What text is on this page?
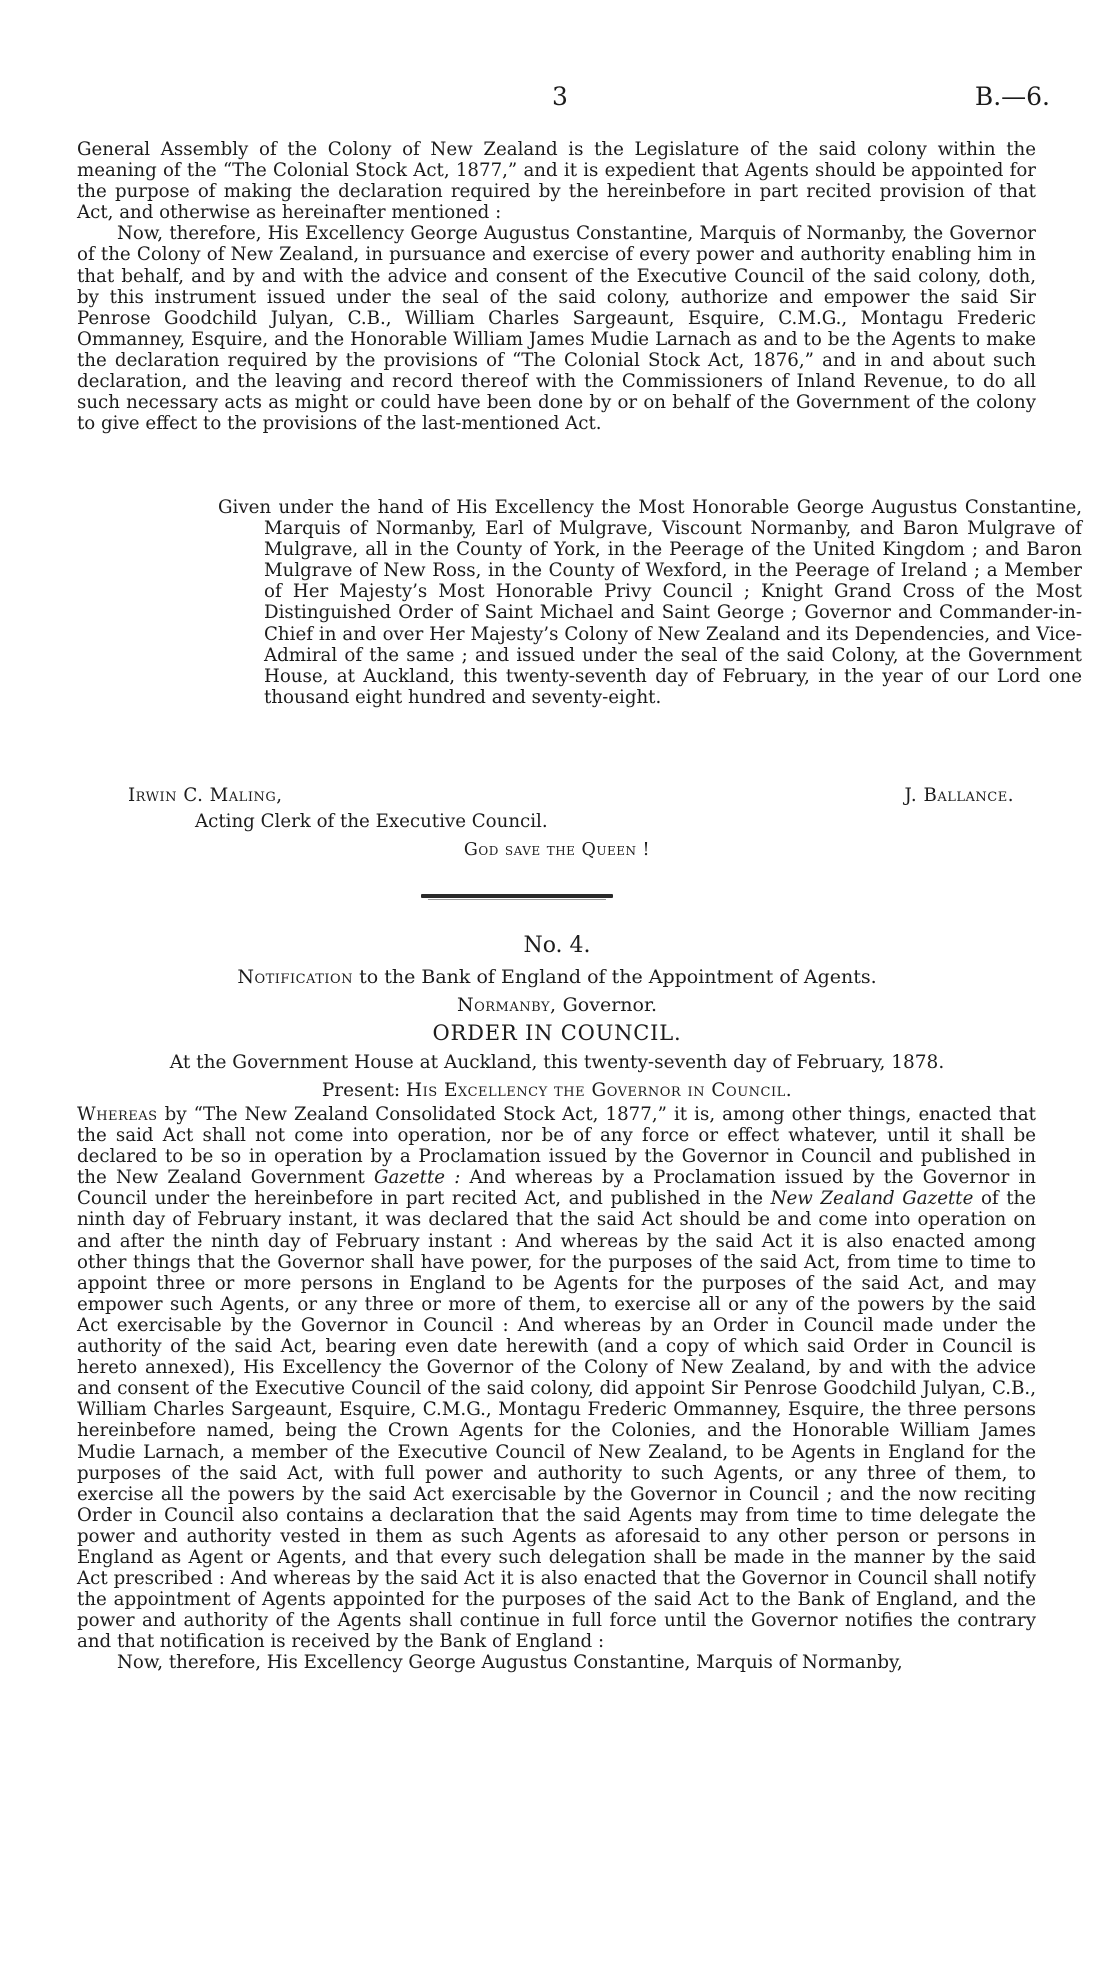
3	B.—6.

General Assembly of the Colony of New Zealand is the Legislature of the said colony within the meaning of the “The Colonial Stock Act, 1877,” and it is expedient that Agents should be appointed for the purpose of making the declaration required by the hereinbefore in part recited provision of that Act, and otherwise as hereinafter mentioned :

Now, therefore, His Excellency George Augustus Constantine, Marquis of Normanby, the Governor of the Colony of New Zealand, in pursuance and exercise of every power and authority enabling him in that behalf, and by and with the advice and consent of the Executive Council of the said colony, doth, by this instrument issued under the seal of the said colony, authorize and empower the said Sir Penrose Goodchild Julyan, C.B., William Charles Sargeaunt, Esquire, C.M.G., Montagu Frederic Ommanney, Esquire, and the Honorable William James Mudie Larnach as and to be the Agents to make the declaration required by the provisions of “The Colonial Stock Act, 1876,” and in and about such declaration, and the leaving and record thereof with the Commissioners of Inland Revenue, to do all such necessary acts as might or could have been done by or on behalf of the Government of the colony to give effect to the provisions of the last-mentioned Act.

Given under the hand of His Excellency the Most Honorable George Augustus Constantine, Marquis of Normanby, Earl of Mulgrave, Viscount Normanby, and Baron Mulgrave of Mulgrave, all in the County of York, in the Peerage of the United Kingdom ; and Baron Mulgrave of New Ross, in the County of Wexford, in the Peerage of Ireland ; a Member of Her Majesty’s Most Honorable Privy Council ; Knight Grand Cross of the Most Distinguished Order of Saint Michael and Saint George ; Governor and Commander-in-Chief in and over Her Majesty’s Colony of New Zealand and its Dependencies, and Vice-Admiral of the same ; and issued under the seal of the said Colony, at the Government House, at Auckland, this twenty-seventh day of February, in the year of our Lord one thousand eight hundred and seventy-eight.
Irwin C. Maling,	J. Ballance.
Acting Clerk of the Executive Council.
God save the Queen !
No. 4.
Notification to the Bank of England of the Appointment of Agents.
Normanby, Governor.
ORDER IN COUNCIL.
At the Government House at Auckland, this twenty-seventh day of February, 1878.
Present: His Excellency the Governor in Council.

Whereas by “The New Zealand Consolidated Stock Act, 1877,” it is, among other things, enacted that the said Act shall not come into operation, nor be of any force or effect whatever, until it shall be declared to be so in operation by a Proclamation issued by the Governor in Council and published in the New Zealand Government Gazette : And whereas by a Proclamation issued by the Governor in Council under the hereinbefore in part recited Act, and published in the New Zealand Gazette of the ninth day of February instant, it was declared that the said Act should be and come into operation on and after the ninth day of February instant : And whereas by the said Act it is also enacted among other things that the Governor shall have power, for the purposes of the said Act, from time to time to appoint three or more persons in England to be Agents for the purposes of the said Act, and may empower such Agents, or any three or more of them, to exercise all or any of the powers by the said Act exercisable by the Governor in Council : And whereas by an Order in Council made under the authority of the said Act, bearing even date herewith (and a copy of which said Order in Council is hereto annexed), His Excellency the Governor of the Colony of New Zealand, by and with the advice and consent of the Executive Council of the said colony, did appoint Sir Penrose Goodchild Julyan, C.B., William Charles Sargeaunt, Esquire, C.M.G., Montagu Frederic Ommanney, Esquire, the three persons hereinbefore named, being the Crown Agents for the Colonies, and the Honorable William James Mudie Larnach, a member of the Executive Council of New Zealand, to be Agents in England for the purposes of the said Act, with full power and authority to such Agents, or any three of them, to exercise all the powers by the said Act exercisable by the Governor in Council ; and the now reciting Order in Council also contains a declaration that the said Agents may from time to time delegate the power and authority vested in them as such Agents as aforesaid to any other person or persons in England as Agent or Agents, and that every such delegation shall be made in the manner by the said Act prescribed : And whereas by the said Act it is also enacted that the Governor in Council shall notify the appointment of Agents appointed for the purposes of the said Act to the Bank of England, and the power and authority of the Agents shall continue in full force until the Governor notifies the contrary and that notification is received by the Bank of England :

Now, therefore, His Excellency George Augustus Constantine, Marquis of Normanby,
